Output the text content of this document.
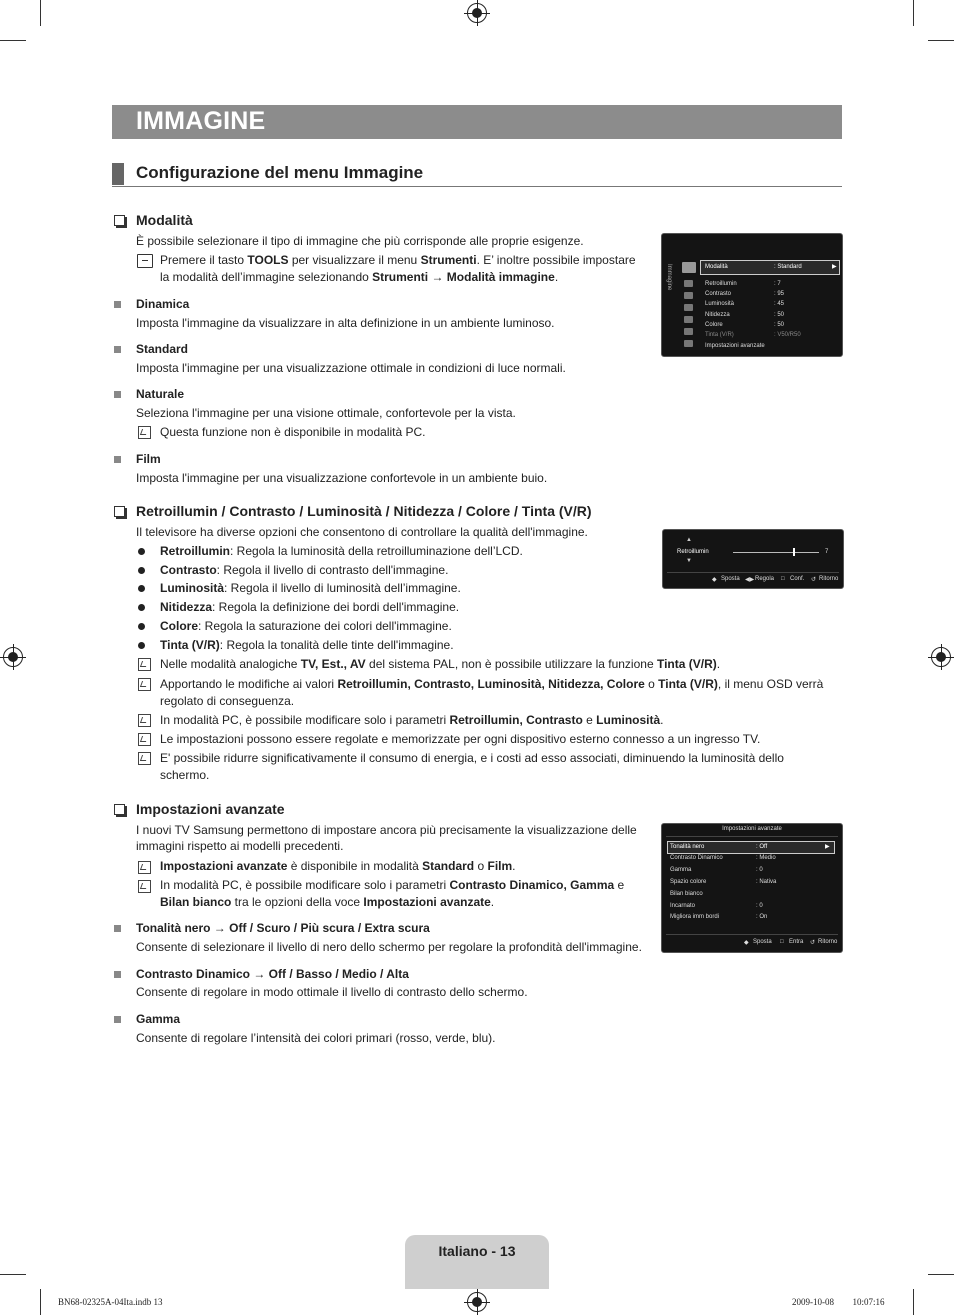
IMMAGINE
Configurazione del menu Immagine
Modalità
È possibile selezionare il tipo di immagine che più corrisponde alle proprie esigenze.
Premere il tasto TOOLS per visualizzare il menu Strumenti. E’ inoltre possibile impostare
la modalità dell’immagine selezionando Strumenti → Modalità immagine.
Dinamica
Imposta l'immagine da visualizzare in alta definizione in un ambiente luminoso.
Standard
Imposta l'immagine per una visualizzazione ottimale in condizioni di luce normali.
Naturale
Seleziona l'immagine per una visione ottimale, confortevole per la vista.
Questa funzione non è disponibile in modalità PC.
Film
Imposta l'immagine per una visualizzazione confortevole in un ambiente buio.
Immagine	Modalità	: Standard	▶
Retroillumin	: 7
Contrasto	: 95
Luminosità	: 45
Nitidezza	: 50
Colore	: 50
Tinta (V/R)	: V50/R50
Impostazioni avanzate
Retroillumin / Contrasto / Luminosità / Nitidezza / Colore / Tinta (V/R)
Il televisore ha diverse opzioni che consentono di controllare la qualità dell'immagine.
Retroillumin: Regola la luminosità della retroilluminazione dell’LCD.
Contrasto: Regola il livello di contrasto dell'immagine.
Luminosità: Regola il livello di luminosità dell’immagine.
Nitidezza: Regola la definizione dei bordi dell'immagine.
Colore: Regola la saturazione dei colori dell'immagine.
Tinta (V/R): Regola la tonalità delle tinte dell'immagine.
Nelle modalità analogiche TV, Est., AV del sistema PAL, non è possibile utilizzare la funzione Tinta (V/R).
Apportando le modifiche ai valori Retroillumin, Contrasto, Luminosità, Nitidezza, Colore o Tinta (V/R), il menu OSD verrà
regolato di conseguenza.
In modalità PC, è possibile modificare solo i parametri Retroillumin, Contrasto e Luminosità.
Le impostazioni possono essere regolate e memorizzate per ogni dispositivo esterno connesso a un ingresso TV.
E' possibile ridurre significativamente il consumo di energia, e i costi ad esso associati, diminuendo la luminosità dello
schermo.
▲
Retroillumin
▼
7
◆ Sposta ◀▶ Regola □ Conf. ↺ Ritorno
Impostazioni avanzate
I nuovi TV Samsung permettono di impostare ancora più precisamente la visualizzazione delle
immagini rispetto ai modelli precedenti.
Impostazioni avanzate è disponibile in modalità Standard o Film.
In modalità PC, è possibile modificare solo i parametri Contrasto Dinamico, Gamma e
Bilan bianco tra le opzioni della voce Impostazioni avanzate.
Tonalità nero → Off / Scuro / Più scura / Extra scura
Consente di selezionare il livello di nero dello schermo per regolare la profondità dell'immagine.
Contrasto Dinamico → Off / Basso / Medio / Alta
Consente di regolare in modo ottimale il livello di contrasto dello schermo.
Gamma
Consente di regolare l’intensità dei colori primari (rosso, verde, blu).
Impostazioni avanzate
Tonalità nero	: Off	▶
Contrasto Dinamico	: Medio
Gamma	: 0
Spazio colore	: Nativa
Bilan bianco
Incarnato	: 0
Migliora imm bordi	: On
◆ Sposta □ Entra ↺ Ritorno
Italiano - 13
BN68-02325A-04Ita.indb 13	2009-10-08 ￿￿ 10:07:16
